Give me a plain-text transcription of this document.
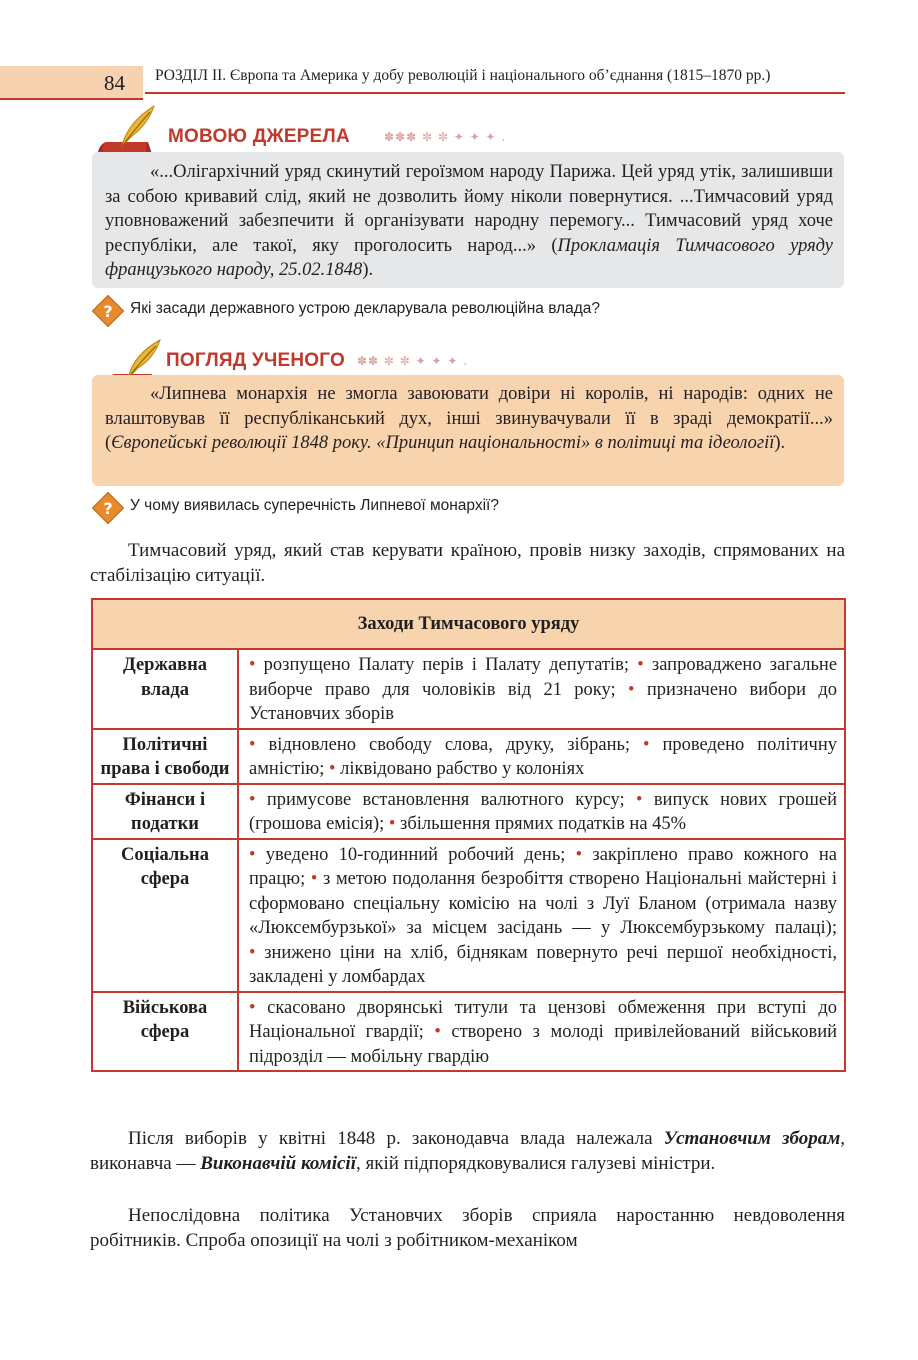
84 РОЗДІЛ ІІ. Європа та Америка у добу революцій і національного об’єднання (1815–1870 рр.)
МОВОЮ ДЖЕРЕЛА	✽✽✽ ✼ ✼ ✦ ✦ ✦ .

«...Олігархічний уряд скинутий героїзмом народу Парижа. Цей уряд утік, залишивши за собою кривавий слід, який не дозволить йому ніколи повернутися. ...Тимчасовий уряд уповноважений забезпечити й організувати народну перемогу... Тимчасовий уряд хоче республіки, але такої, яку проголосить народ...» (Прокламація Тимчасового уряду французького народу, 25.02.1848).

? Які засади державного устрою декларувала революційна влада?
ПОГЛЯД УЧЕНОГО ✽✽ ✼ ✼ ✦ ✦ ✦ .

«Липнева монархія не змогла завоювати довіри ні королів, ні народів: одних не влаштовував її республіканський дух, інші звинувачували її в зраді демократії...» (Європейські революції 1848 року. «Принцип національності» в політиці та ідеології).

? У чому виявилась суперечність Липневої монархії?

Тимчасовий уряд, який став керувати країною, провів низку заходів, спрямованих на стабілізацію ситуації.

Заходи Тимчасового уряду	
Державна влада	• розпущено Палату перів і Палату депутатів; • запроваджено загальне виборче право для чоловіків від 21 року; • призначено вибори до Установчих зборів
Політичні права і свободи	• відновлено свободу слова, друку, зібрань; • проведено політичну амністію; • ліквідовано рабство у колоніях
Фінанси і податки	• примусове встановлення валютного курсу; • випуск нових грошей (грошова емісія); • збільшення прямих податків на 45%
Соціальна сфера	• уведено 10-годинний робочий день; • закріплено право кожного на працю; • з метою подолання безробіття створено Національні майстерні і сформовано спеціальну комісію на чолі з Луї Бланом (отримала назву «Люксембурзької» за місцем засідань — у Люксембурзькому палаці); • знижено ціни на хліб, біднякам повернуто речі першої необхідності, закладені у ломбардах
Військова сфера	• скасовано дворянські титули та цензові обмеження при вступі до Національної гвардії; • створено з молоді привілейований військовий підрозділ — мобільну гвардію

Після виборів у квітні 1848 р. законодавча влада належала Установчим зборам, виконавча — Виконавчій комісії, якій підпорядковувалися галузеві міністри.

Непослідовна політика Установчих зборів сприяла наростанню невдоволення робітників. Спроба опозиції на чолі з робітником-механіком
